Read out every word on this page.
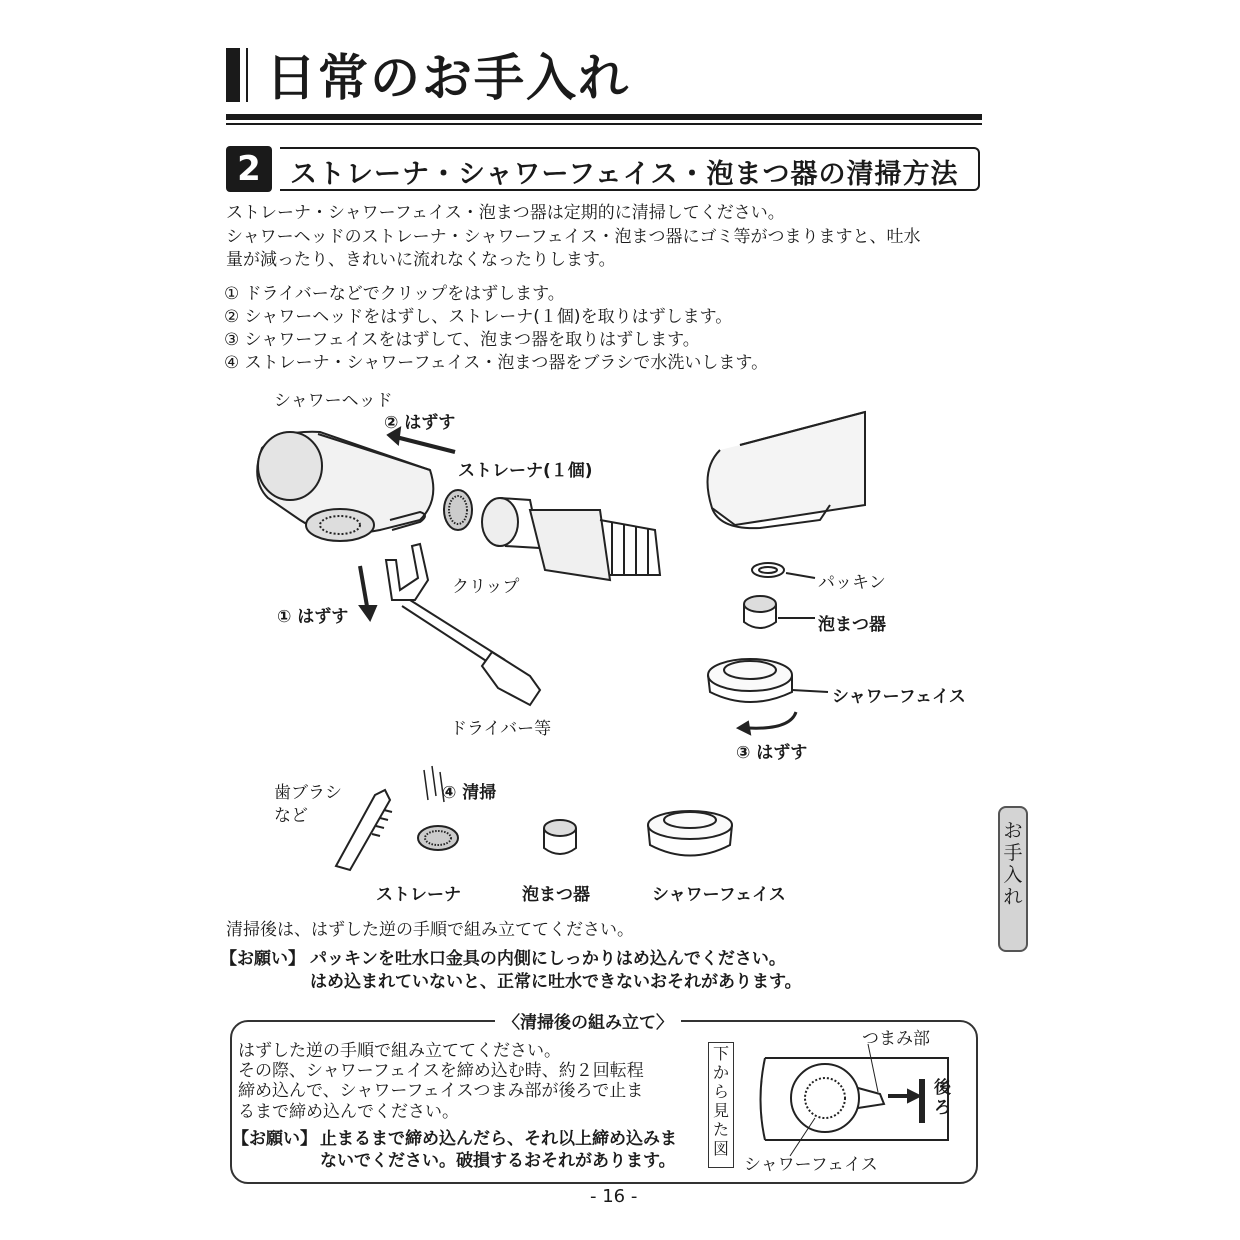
日常のお手入れ
2	ストレーナ・シャワーフェイス・泡まつ器の清掃方法
ストレーナ・シャワーフェイス・泡まつ器は定期的に清掃してください。
シャワーヘッドのストレーナ・シャワーフェイス・泡まつ器にゴミ等がつまりますと、吐水
量が減ったり、きれいに流れなくなったりします。
① ドライバーなどでクリップをはずします。
② シャワーヘッドをはずし、ストレーナ(１個)を取りはずします。
③ シャワーフェイスをはずして、泡まつ器を取りはずします。
④ ストレーナ・シャワーフェイス・泡まつ器をブラシで水洗いします。
シャワーヘッド
② はずす
ストレーナ(１個)
クリップ
① はずす
ドライバー等
パッキン
泡まつ器
シャワーフェイス
③ はずす
歯ブラシ
など
④ 清掃
ストレーナ	泡まつ器	シャワーフェイス
清掃後は、はずした逆の手順で組み立ててください。
【お願い】 パッキンを吐水口金具の内側にしっかりはめ込んでください。
はめ込まれていないと、正常に吐水できないおそれがあります。
お
手
入
れ
〈清掃後の組み立て〉
はずした逆の手順で組み立ててください。
その際、シャワーフェイスを締め込む時、約２回転程
締め込んで、シャワーフェイスつまみ部が後ろで止ま
るまで締め込んでください。
【お願い】 止まるまで締め込んだら、それ以上締め込みま
ないでください。破損するおそれがあります。
下
か
ら
見
た
図
つまみ部
後
ろ
シャワーフェイス
- 16 -
